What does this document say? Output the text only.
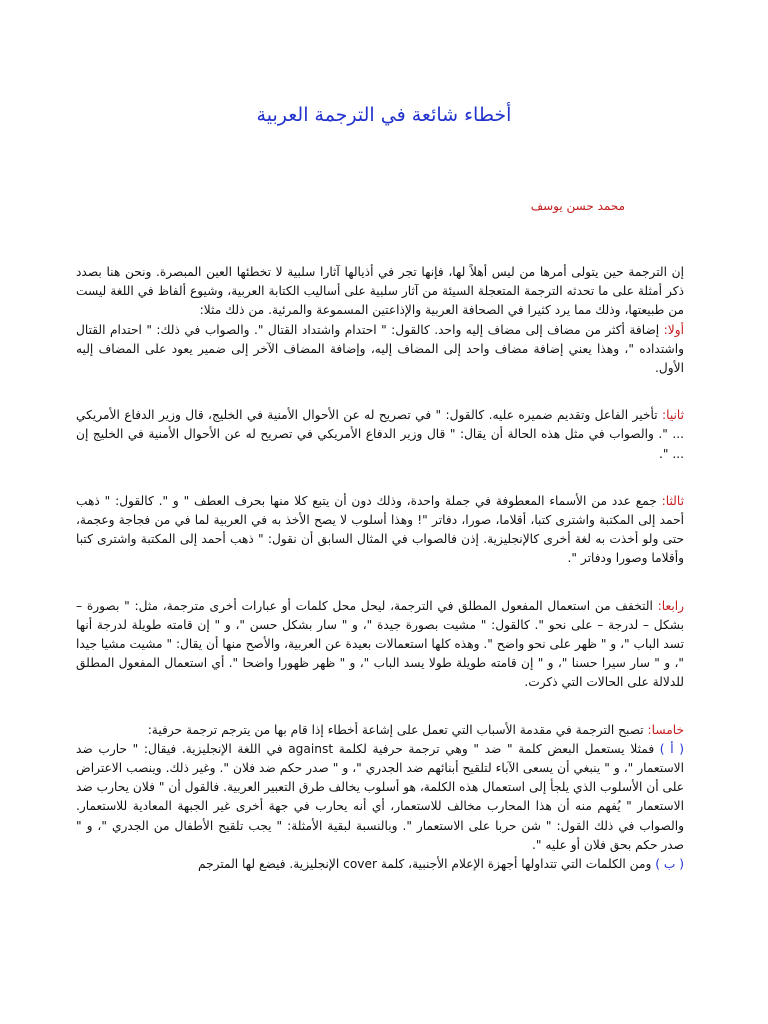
أخطاء شائعة في الترجمة العربية

محمد حسن يوسف

إن الترجمة حين يتولى أمرها من ليس أهلاً لها، فإنها تجر في أذيالها آثارا سلبية لا تخطئها العين المبصرة. ونحن هنا بصدد ذكر أمثلة على ما تحدثه الترجمة المتعجلة السيئة من آثار سلبية على أساليب الكتابة العربية، وشيوع ألفاظ في اللغة ليست من طبيعتها، وذلك مما يرد كثيرا في الصحافة العربية والإذاعتين المسموعة والمرئية. من ذلك مثلا:

أولا: إضافة أكثر من مضاف إلى مضاف إليه واحد. كالقول: " احتدام واشتداد القتال ". والصواب في ذلك: " احتدام القتال واشتداده "، وهذا يعني إضافة مضاف واحد إلى المضاف إليه، وإضافة المضاف الآخر إلى ضمير يعود على المضاف إليه الأول.

ثانيا: تأخير الفاعل وتقديم ضميره عليه. كالقول: " في تصريح له عن الأحوال الأمنية في الخليج، قال وزير الدفاع الأمريكي ... ". والصواب في مثل هذه الحالة أن يقال: " قال وزير الدفاع الأمريكي في تصريح له عن الأحوال الأمنية في الخليج إن ... ".

ثالثا: جمع عدد من الأسماء المعطوفة في جملة واحدة، وذلك دون أن يتبع كلا منها بحرف العطف " و ". كالقول: " ذهب أحمد إلى المكتبة واشترى كتبا، أقلاما، صورا، دفاتر "! وهذا أسلوب لا يصح الأخذ به في العربية لما في من فجاجة وعجمة، حتى ولو أخذت به لغة أخرى كالإنجليزية. إذن فالصواب في المثال السابق أن نقول: " ذهب أحمد إلى المكتبة واشترى كتبا وأقلاما وصورا ودفاتر ".

رابعا: التخفف من استعمال المفعول المطلق في الترجمة، ليحل محل كلمات أو عبارات أخرى مترجمة، مثل: " بصورة – بشكل – لدرجة – على نحو ". كالقول: " مشيت بصورة جيدة "، و " سار بشكل حسن "، و " إن قامته طويلة لدرجة أنها تسد الباب "، و " ظهر على نحو واضح ". وهذه كلها استعمالات بعيدة عن العربية، والأصح منها أن يقال: " مشيت مشيا جيدا "، و " سار سيرا حسنا "، و " إن قامته طويلة طولا يسد الباب "، و " ظهر ظهورا واضحا ". أي استعمال المفعول المطلق للدلالة على الحالات التي ذكرت.

خامسا: تصبح الترجمة في مقدمة الأسباب التي تعمل على إشاعة أخطاء إذا قام بها من يترجم ترجمة حرفية:

( أ ) فمثلا يستعمل البعض كلمة " ضد " وهي ترجمة حرفية لكلمة against في اللغة الإنجليزية. فيقال: " حارب ضد الاستعمار "، و " ينبغي أن يسعى الآباء لتلقيح أبنائهم ضد الجدري "، و " صدر حكم ضد فلان ". وغير ذلك. وينصب الاعتراض على أن الأسلوب الذي يلجأ إلى استعمال هذه الكلمة، هو أسلوب يخالف طرق التعبير العربية. فالقول أن " فلان يحارب ضد الاستعمار " يُفهم منه أن هذا المحارب مخالف للاستعمار، أي أنه يحارب في جهة أخرى غير الجبهة المعادية للاستعمار. والصواب في ذلك القول: " شن حربا على الاستعمار ". وبالنسبة لبقية الأمثلة: " يجب تلقيح الأطفال من الجدري "، و " صدر حكم بحق فلان أو عليه ".

( ب ) ومن الكلمات التي تتداولها أجهزة الإعلام الأجنبية، كلمة cover الإنجليزية. فيضع لها المترجم
